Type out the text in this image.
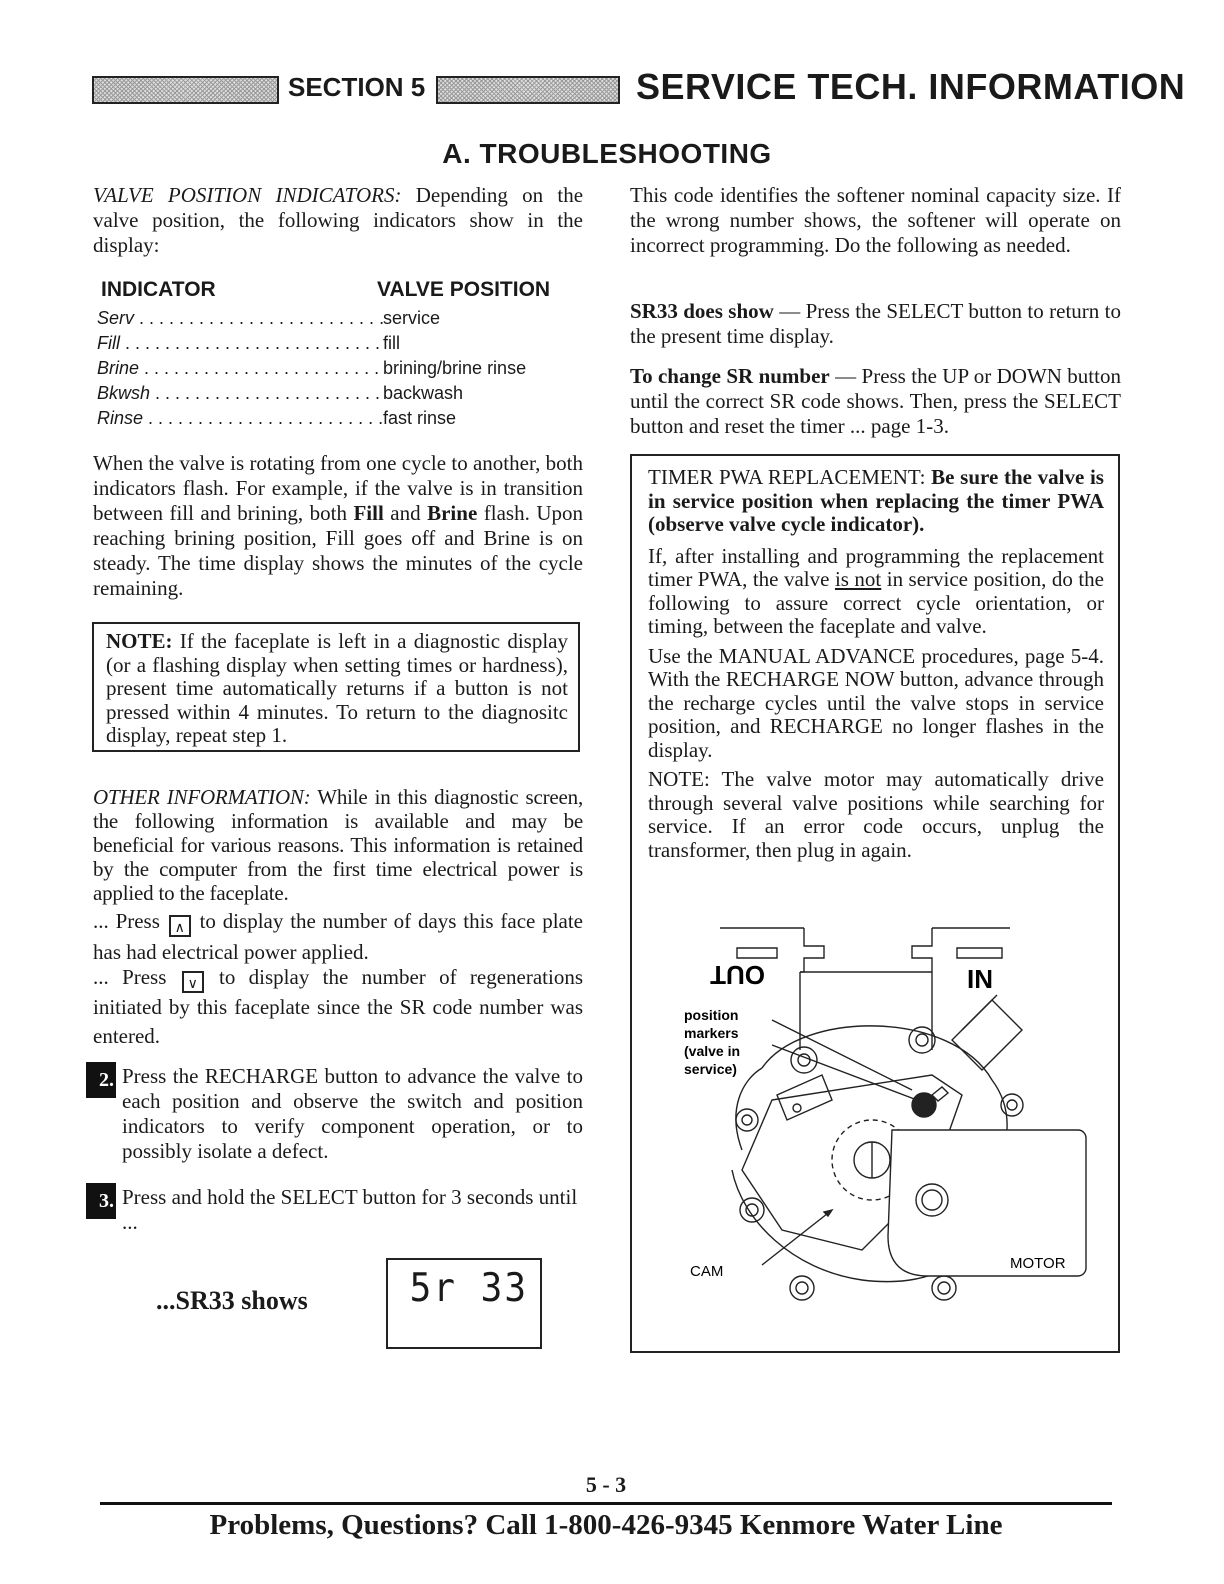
SECTION 5	SERVICE TECH. INFORMATION
A. TROUBLESHOOTING

VALVE POSITION INDICATORS: Depending on the valve position, the following indicators show in the display:

INDICATOR	VALVE POSITION
Serv . . .	service
Fill . . .	fill
Brine . . .	brining/brine rinse
Bkwsh . . .	backwash
Rinse . . .	fast rinse

When the valve is rotating from one cycle to another, both indicators flash. For example, if the valve is in transition between fill and brining, both Fill and Brine flash. Upon reaching brining position, Fill goes off and Brine is on steady. The time display shows the minutes of the cycle remaining.

NOTE: If the faceplate is left in a diagnostic display (or a flashing display when setting times or hardness), present time automatically returns if a button is not pressed within 4 minutes. To return to the diagnositc display, repeat step 1.

OTHER INFORMATION: While in this diagnostic screen, the following information is available and may be beneficial for various reasons. This information is retained by the computer from the first time electrical power is applied to the faceplate.

... Press ∧ to display the number of days this face plate has had electrical power applied.

... Press ∨ to display the number of regenerations initiated by this faceplate since the SR code number was entered.

2. Press the RECHARGE button to advance the valve to each position and observe the switch and position indicators to verify component operation, or to possibly isolate a defect.

3. Press and hold the SELECT button for 3 seconds until ...

...SR33 shows	5r 33

This code identifies the softener nominal capacity size. If the wrong number shows, the softener will operate on incorrect programming. Do the following as needed.

SR33 does show — Press the SELECT button to return to the present time display.

To change SR number — Press the UP or DOWN button until the correct SR code shows. Then, press the SELECT button and reset the timer ... page 1-3.

TIMER PWA REPLACEMENT: Be sure the valve is in service position when replacing the timer PWA (observe valve cycle indicator).

If, after installing and programming the replacement timer PWA, the valve is not in service position, do the following to assure correct cycle orientation, or timing, between the faceplate and valve.

Use the MANUAL ADVANCE procedures, page 5-4. With the RECHARGE NOW button, advance through the recharge cycles until the valve stops in service position, and RECHARGE no longer flashes in the display.

NOTE: The valve motor may automatically drive through several valve positions while searching for service. If an error code occurs, unplug the transformer, then plug in again.

OUT	IN
position
markers
(valve in
service)
CAM	MOTOR
5 - 3
Problems, Questions? Call 1-800-426-9345 Kenmore Water Line
